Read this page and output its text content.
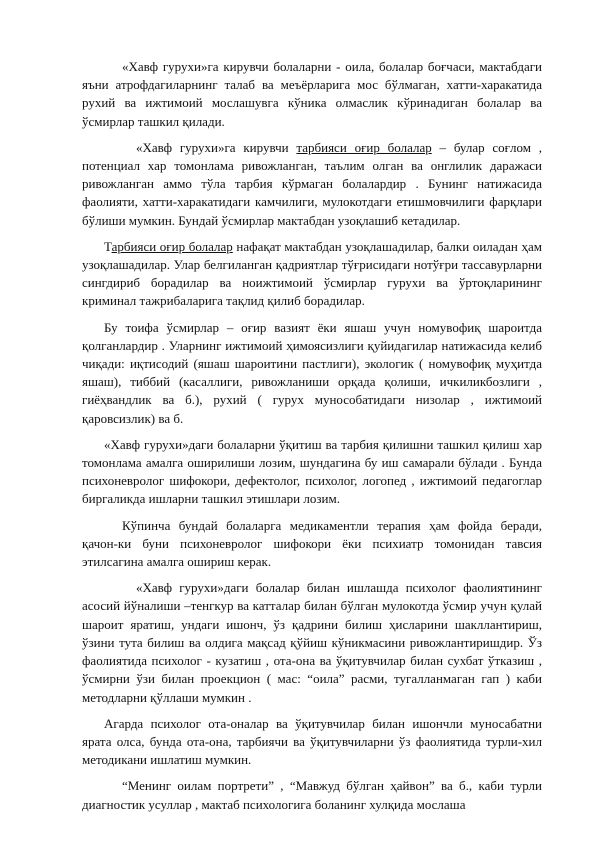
«Хавф гурухи»га кирувчи болаларни - оила, болалар боғчаси, мактабдаги яъни атрофдагиларнинг талаб ва меъёрларига мос бўлмаган, хатти-харакатида рухий ва ижтимоий мослашувга кўника олмаслик кўринадиган болалар ва ўсмирлар ташкил қилади.

«Хавф гурухи»га кирувчи тарбияси оғир болалар – булар соғлом , потенциал хар томонлама ривожланган, таълим олган ва онглилик даражаси ривожланган аммо тўла тарбия кўрмаган болалардир . Бунинг натижасида фаолияти, хатти-харакатидаги камчилиги, мулокотдаги етишмовчилиги фарқлари бўлиши мумкин. Бундай ўсмирлар мактабдан узоқлашиб кетадилар.

Тарбияси оғир болалар нафақат мактабдан узоқлашадилар, балки оиладан ҳам узоқлашадилар. Улар белгиланган қадриятлар тўғрисидаги нотўғри тассавурларни сингдириб борадилар ва ноижтимоий ўсмирлар гурухи ва ўртоқларининг криминал тажрибаларига тақлид қилиб борадилар.

Бу тоифа ўсмирлар – оғир вазият ёки яшаш учун номувофиқ шароитда қолганлардир . Уларнинг ижтимоий ҳимоясизлиги қуйидагилар натижасида келиб чиқади: иқтисодий (яшаш шароитини пастлиги), экологик ( номувофиқ муҳитда яшаш), тиббий (касаллиги, ривожланиши орқада қолиши, ичкиликбозлиги , гиёҳвандлик ва б.), рухий ( гурух мунособатидаги низолар , ижтимоий қаровсизлик) ва б.

«Хавф гурухи»даги болаларни ўқитиш ва тарбия қилишни ташкил қилиш хар томонлама амалга оширилиши лозим, шундагина бу иш самарали бўлади . Бунда психоневролог шифокори, дефектолог, психолог, логопед , ижтимоий педагоглар биргаликда ишларни ташкил этишлари лозим.

Кўпинча бундай болаларга медикаментли терапия ҳам фойда беради, қачон-ки буни психоневролог шифокори ёки психиатр томонидан тавсия этилсагина амалга ошириш керак.

«Хавф гурухи»даги болалар билан ишлашда психолог фаолиятининг асосий йўналиши –тенгкур ва катталар билан бўлган мулокотда ўсмир учун қулай шароит яратиш, ундаги ишонч, ўз қадрини билиш ҳисларини шакллантириш, ўзини тута билиш ва олдига мақсад қўйиш кўникмасини ривожлантиришдир. Ўз фаолиятида психолог - кузатиш , ота-она ва ўқитувчилар билан сухбат ўтказиш , ўсмирни ўзи билан проекцион ( мас: “оила” расми, тугалланмаган гап ) каби методларни қўллаши мумкин .

Агарда психолог ота-оналар ва ўқитувчилар билан ишончли муносабатни ярата олса, бунда ота-она, тарбиячи ва ўқитувчиларни ўз фаолиятида турли-хил методикани ишлатиш мумкин.

“Менинг оилам портрети” , “Мавжуд бўлган ҳайвон” ва б., каби турли диагностик усуллар , мактаб психологига боланинг хулқида мослаша
